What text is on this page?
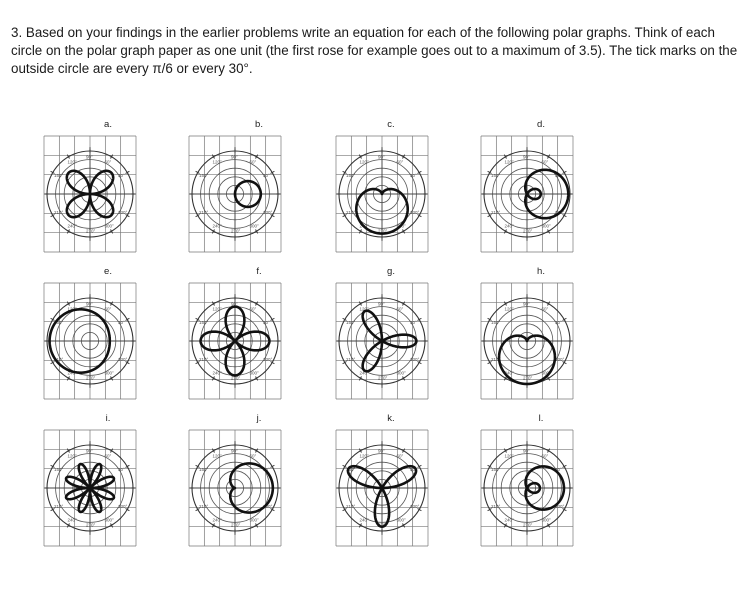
3. Based on your findings in the earlier problems write an equation for each of the following polar graphs. Think of each circle on the polar graph paper as one unit (the first rose for example goes out to a maximum of 3.5). The tick marks on the outside circle are every π/6 or every 30°.

a.
120°
90°
60°
150°	30°
210°	330°
240°
270°
300°
b.
120°
90°
60°
150°	30°
210°	330°
240°
270°
300°
c.
120°
90°
60°
150°	30°
210°	330°
240°
270°
300°
d.
120°
90°
60°
150°	30°
210°	330°
240°
270°
300°
e.
120°
90°
60°
150°	30°
210°	330°
240°
270°
300°
f.
120°
90°
60°
150°	30°
210°	330°
240°
270°
300°
g.
120°
90°
60°
150°	30°
210°	330°
240°
270°
300°
h.
120°
90°
60°
150°	30°
210°	330°
240°
270°
300°
i.
120°
90°
60°
150°	30°
210°	330°
240°
270°
300°
j.
120°
90°
60°
150°	30°
210°	330°
240°
270°
300°
k.
120°
90°
60°
150°	30°
210°	330°
240°
270°
300°
l.
120°
90°
60°
150°	30°
210°	330°
240°
270°
300°
